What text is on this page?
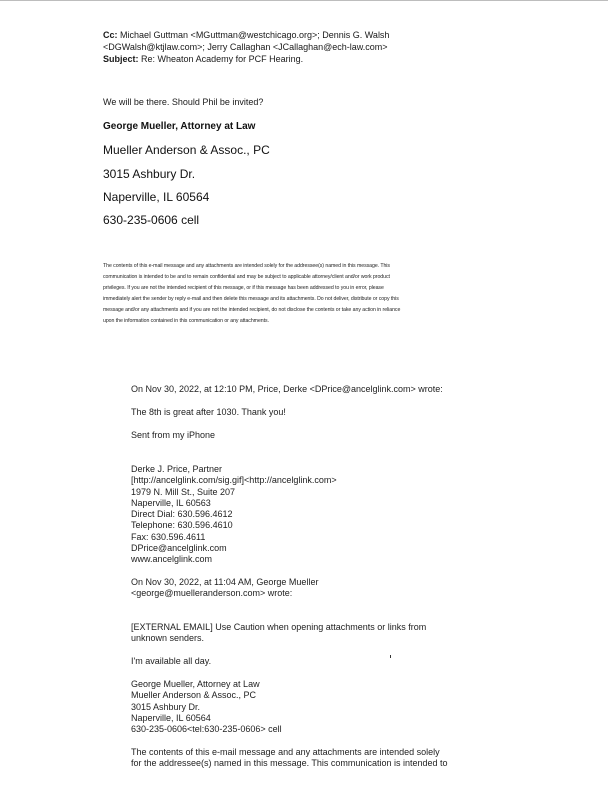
Cc: Michael Guttman <MGuttman@westchicago.org>; Dennis G. Walsh
<DGWalsh@ktjlaw.com>; Jerry Callaghan <JCallaghan@ech-law.com>
Subject: Re: Wheaton Academy for PCF Hearing.
We will be there. Should Phil be invited?
George Mueller, Attorney at Law
Mueller Anderson & Assoc., PC
3015 Ashbury Dr.
Naperville, IL 60564
630-235-0606 cell
The contents of this e-mail message and any attachments are intended solely for the addressee(s) named in this message. This
communication is intended to be and to remain confidential and may be subject to applicable attorney/client and/or work product
privileges. If you are not the intended recipient of this message, or if this message has been addressed to you in error, please
immediately alert the sender by reply e-mail and then delete this message and its attachments. Do not deliver, distribute or copy this
message and/or any attachments and if you are not the intended recipient, do not disclose the contents or take any action in reliance
upon the information contained in this communication or any attachments.
On Nov 30, 2022, at 12:10 PM, Price, Derke <DPrice@ancelglink.com> wrote:
The 8th is great after 1030. Thank you!
Sent from my iPhone
Derke J. Price, Partner
[http://ancelglink.com/sig.gif]<http://ancelglink.com>
1979 N. Mill St., Suite 207
Naperville, IL 60563
Direct Dial: 630.596.4612
Telephone: 630.596.4610
Fax: 630.596.4611
DPrice@ancelglink.com
www.ancelglink.com
On Nov 30, 2022, at 11:04 AM, George Mueller
<george@muelleranderson.com> wrote:
[EXTERNAL EMAIL] Use Caution when opening attachments or links from
unknown senders.
I'm available all day.
George Mueller, Attorney at Law
Mueller Anderson & Assoc., PC
3015 Ashbury Dr.
Naperville, IL 60564
630-235-0606<tel:630-235-0606> cell
The contents of this e-mail message and any attachments are intended solely
for the addressee(s) named in this message. This communication is intended to
